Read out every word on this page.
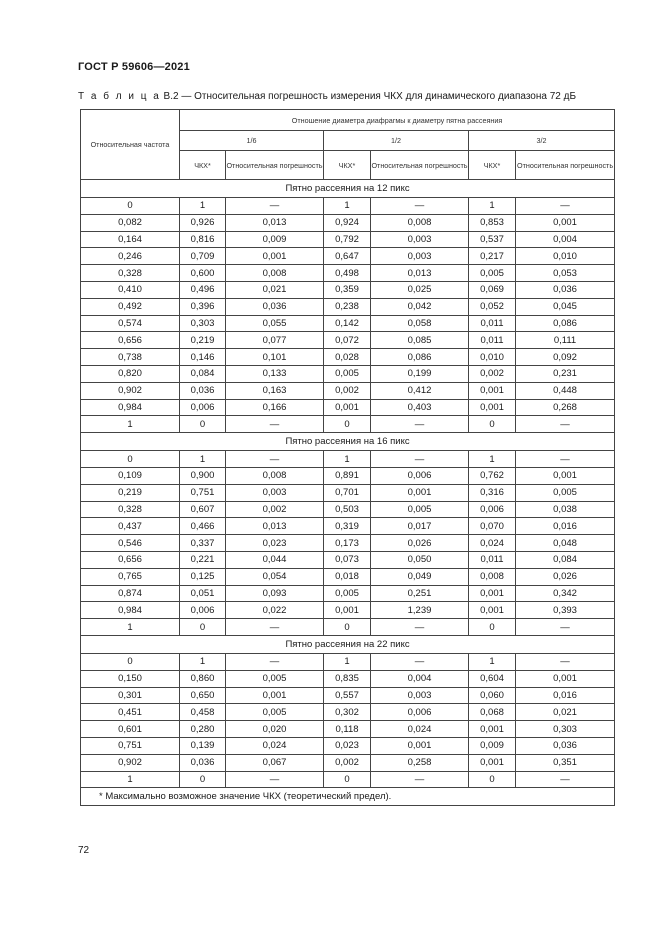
ГОСТ Р 59606—2021
Т а б л и ц а В.2 — Относительная погрешность измерения ЧКХ для динамического диапазона 72 дБ
Относительная частота	Отношение диаметра диафрагмы к диаметру пятна рассеяния					
	1/6		1/2		3/2	
	ЧКХ*	Относительная погрешность	ЧКХ*	Относительная погрешность	ЧКХ*	Относительная погрешность
Пятно рассеяния на 12 пикс						
0	1	—	1	—	1	—
0,082	0,926	0,013	0,924	0,008	0,853	0,001
0,164	0,816	0,009	0,792	0,003	0,537	0,004
0,246	0,709	0,001	0,647	0,003	0,217	0,010
0,328	0,600	0,008	0,498	0,013	0,005	0,053
0,410	0,496	0,021	0,359	0,025	0,069	0,036
0,492	0,396	0,036	0,238	0,042	0,052	0,045
0,574	0,303	0,055	0,142	0,058	0,011	0,086
0,656	0,219	0,077	0,072	0,085	0,011	0,111
0,738	0,146	0,101	0,028	0,086	0,010	0,092
0,820	0,084	0,133	0,005	0,199	0,002	0,231
0,902	0,036	0,163	0,002	0,412	0,001	0,448
0,984	0,006	0,166	0,001	0,403	0,001	0,268
1	0	—	0	—	0	—
Пятно рассеяния на 16 пикс						
0	1	—	1	—	1	—
0,109	0,900	0,008	0,891	0,006	0,762	0,001
0,219	0,751	0,003	0,701	0,001	0,316	0,005
0,328	0,607	0,002	0,503	0,005	0,006	0,038
0,437	0,466	0,013	0,319	0,017	0,070	0,016
0,546	0,337	0,023	0,173	0,026	0,024	0,048
0,656	0,221	0,044	0,073	0,050	0,011	0,084
0,765	0,125	0,054	0,018	0,049	0,008	0,026
0,874	0,051	0,093	0,005	0,251	0,001	0,342
0,984	0,006	0,022	0,001	1,239	0,001	0,393
1	0	—	0	—	0	—
Пятно рассеяния на 22 пикс						
0	1	—	1	—	1	—
0,150	0,860	0,005	0,835	0,004	0,604	0,001
0,301	0,650	0,001	0,557	0,003	0,060	0,016
0,451	0,458	0,005	0,302	0,006	0,068	0,021
0,601	0,280	0,020	0,118	0,024	0,001	0,303
0,751	0,139	0,024	0,023	0,001	0,009	0,036
0,902	0,036	0,067	0,002	0,258	0,001	0,351
1	0	—	0	—	0	—
* Максимально возможное значение ЧКХ (теоретический предел).						
72
